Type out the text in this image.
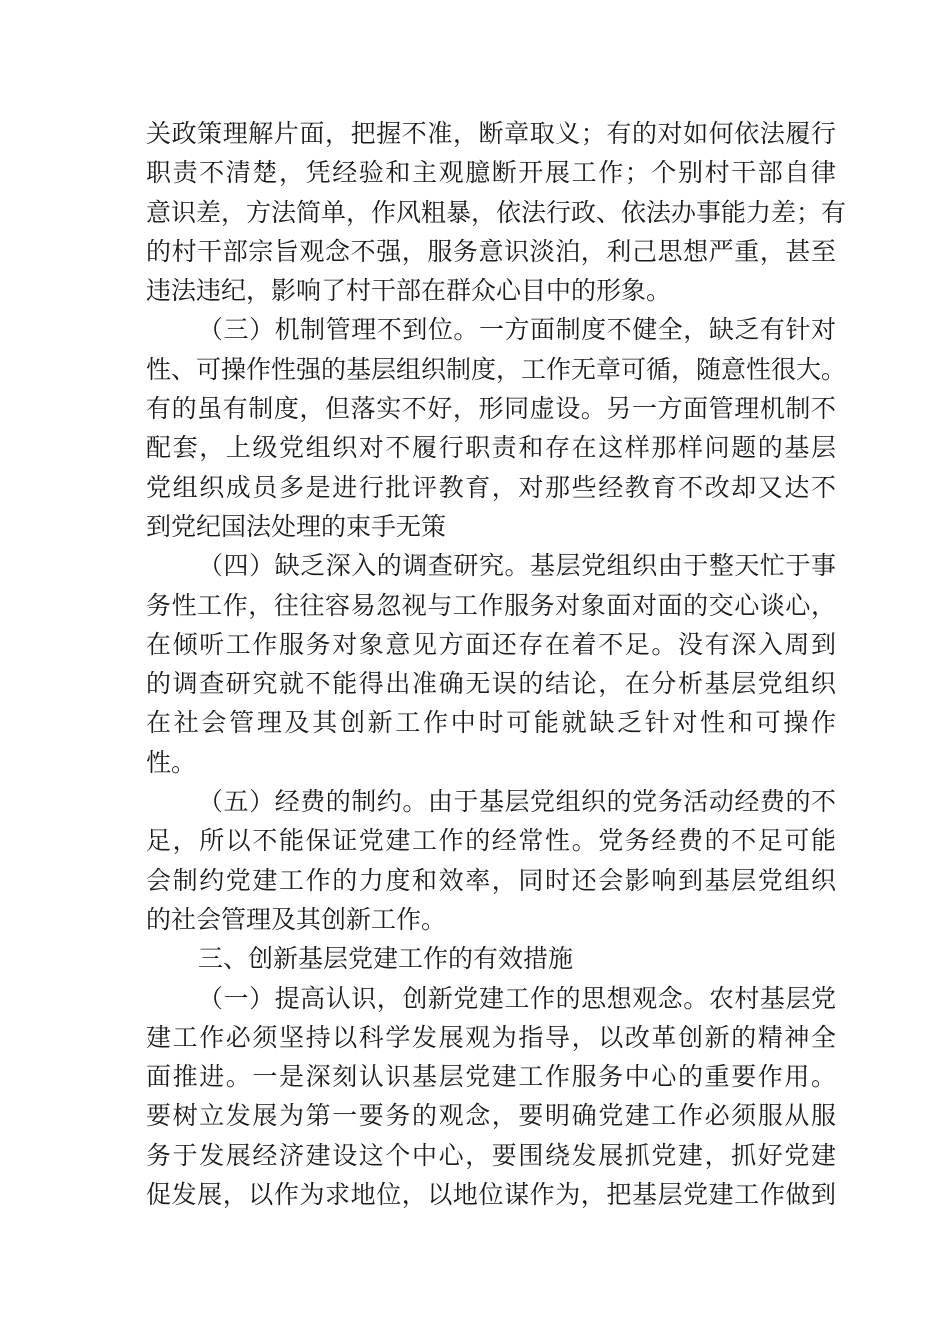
关政策理解片面，把握不准，断章取义；有的对如何依法履行
职责不清楚，凭经验和主观臆断开展工作；个别村干部自律
意识差，方法简单，作风粗暴，依法行政、依法办事能力差；有
的村干部宗旨观念不强，服务意识淡泊，利己思想严重，甚至
违法违纪，影响了村干部在群众心目中的形象。
（三）机制管理不到位。一方面制度不健全，缺乏有针对
性、可操作性强的基层组织制度，工作无章可循，随意性很大。
有的虽有制度，但落实不好，形同虚设。另一方面管理机制不
配套，上级党组织对不履行职责和存在这样那样问题的基层
党组织成员多是进行批评教育，对那些经教育不改却又达不
到党纪国法处理的束手无策
（四）缺乏深入的调查研究。基层党组织由于整天忙于事
务性工作，往往容易忽视与工作服务对象面对面的交心谈心，
在倾听工作服务对象意见方面还存在着不足。没有深入周到
的调查研究就不能得出准确无误的结论，在分析基层党组织
在社会管理及其创新工作中时可能就缺乏针对性和可操作
性。
（五）经费的制约。由于基层党组织的党务活动经费的不
足，所以不能保证党建工作的经常性。党务经费的不足可能
会制约党建工作的力度和效率，同时还会影响到基层党组织
的社会管理及其创新工作。
三、创新基层党建工作的有效措施
（一）提高认识，创新党建工作的思想观念。农村基层党
建工作必须坚持以科学发展观为指导，以改革创新的精神全
面推进。一是深刻认识基层党建工作服务中心的重要作用。
要树立发展为第一要务的观念，要明确党建工作必须服从服
务于发展经济建设这个中心，要围绕发展抓党建，抓好党建
促发展，以作为求地位，以地位谋作为，把基层党建工作做到
